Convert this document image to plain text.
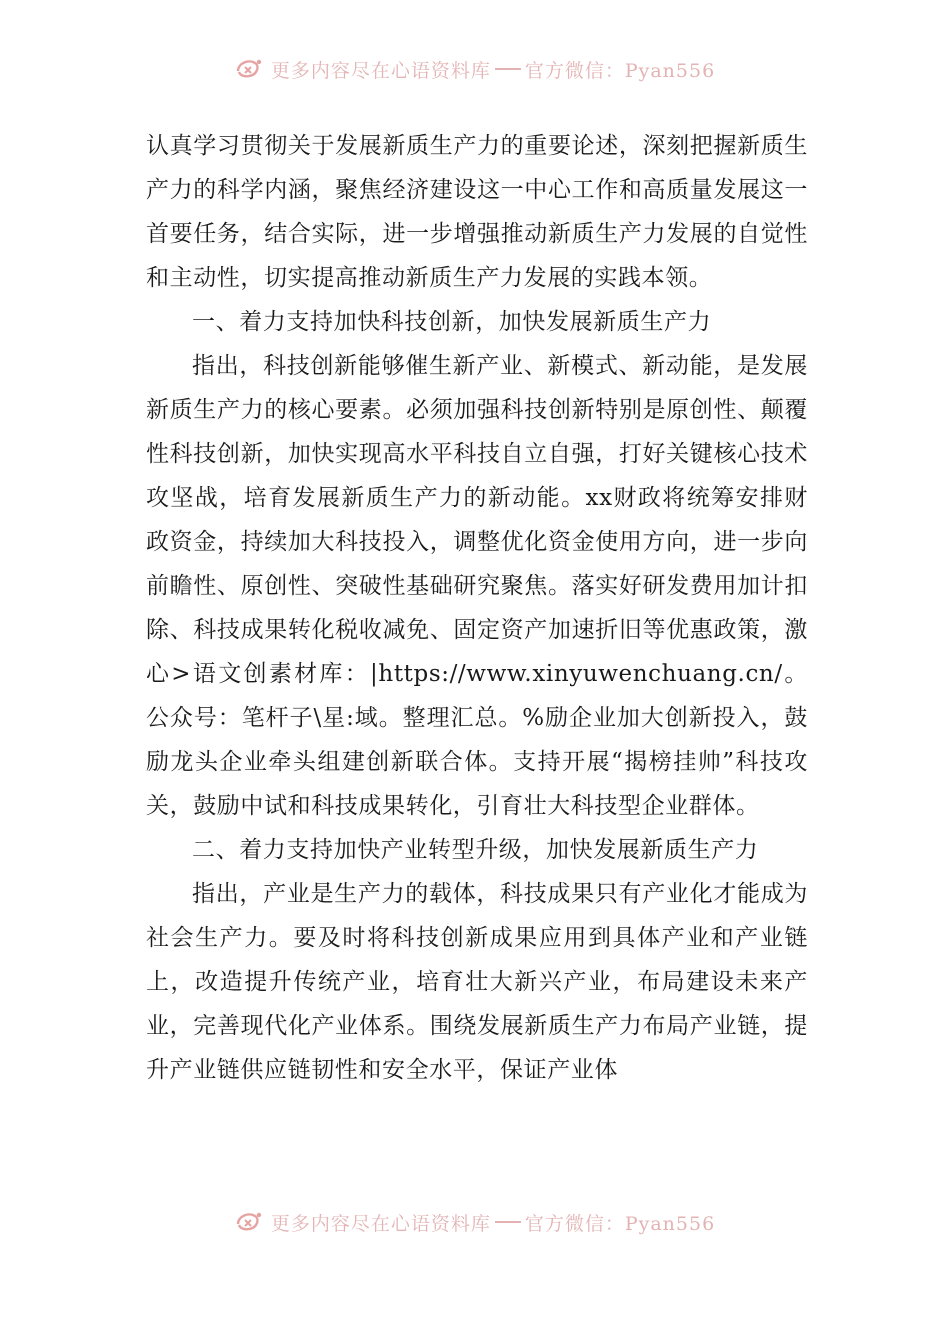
更多内容尽在心语资料库 官方微信：Pyan556

认真学习贯彻关于发展新质生产力的重要论述，深刻把握新质生产力的科学内涵，聚焦经济建设这一中心工作和高质量发展这一首要任务，结合实际，进一步增强推动新质生产力发展的自觉性和主动性，切实提高推动新质生产力发展的实践本领。

一、着力支持加快科技创新，加快发展新质生产力

指出，科技创新能够催生新产业、新模式、新动能，是发展新质生产力的核心要素。必须加强科技创新特别是原创性、颠覆性科技创新，加快实现高水平科技自立自强，打好关键核心技术攻坚战，培育发展新质生产力的新动能。xx财政将统筹安排财政资金，持续加大科技投入，调整优化资金使用方向，进一步向前瞻性、原创性、突破性基础研究聚焦。落实好研发费用加计扣除、科技成果转化税收减免、固定资产加速折旧等优惠政策，激心>语文创素材库：|https://www.xinyuwenchuang.cn/。公众号：笔杆子\星:域。整理汇总。%励企业加大创新投入，鼓励龙头企业牵头组建创新联合体。支持开展“揭榜挂帅”科技攻关，鼓励中试和科技成果转化，引育壮大科技型企业群体。

二、着力支持加快产业转型升级，加快发展新质生产力

指出，产业是生产力的载体，科技成果只有产业化才能成为社会生产力。要及时将科技创新成果应用到具体产业和产业链上，改造提升传统产业，培育壮大新兴产业，布局建设未来产业，完善现代化产业体系。围绕发展新质生产力布局产业链，提升产业链供应链韧性和安全水平，保证产业体

更多内容尽在心语资料库 官方微信：Pyan556
